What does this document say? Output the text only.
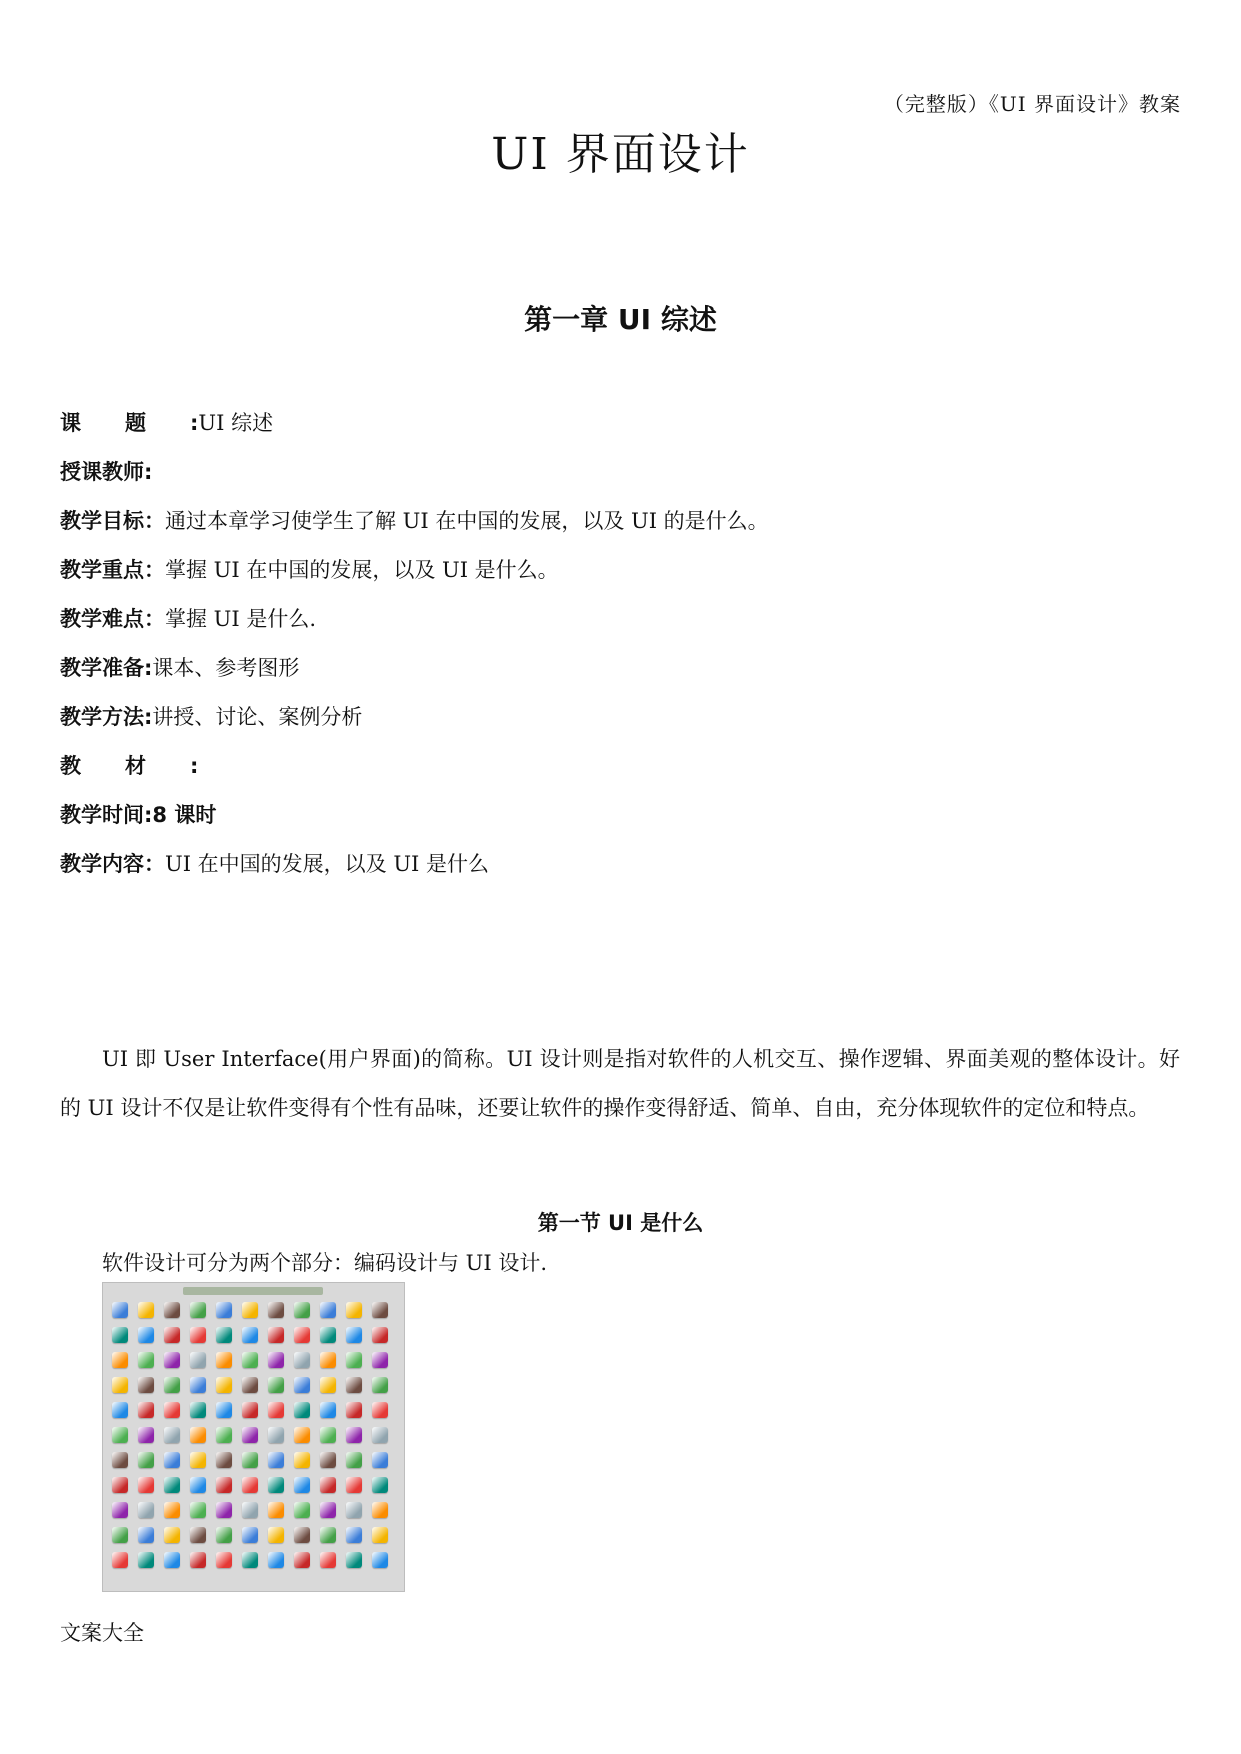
（完整版）《UI 界面设计》教案
UI 界面设计
第一章 UI 综述
课题:UI 综述
授课教师:
教学目标：通过本章学习使学生了解 UI 在中国的发展，以及 UI 的是什么。
教学重点：掌握 UI 在中国的发展，以及 UI 是什么。
教学难点：掌握 UI 是什么.
教学准备:课本、参考图形
教学方法:讲授、讨论、案例分析
教材:
教学时间:8 课时
教学内容：UI 在中国的发展，以及 UI 是什么
UI 即 User Interface(用户界面)的简称。UI 设计则是指对软件的人机交互、操作逻辑、界面美观的整体设计。好的 UI 设计不仅是让软件变得有个性有品味，还要让软件的操作变得舒适、简单、自由，充分体现软件的定位和特点。
第一节 UI 是什么
软件设计可分为两个部分：编码设计与 UI 设计.
文案大全
